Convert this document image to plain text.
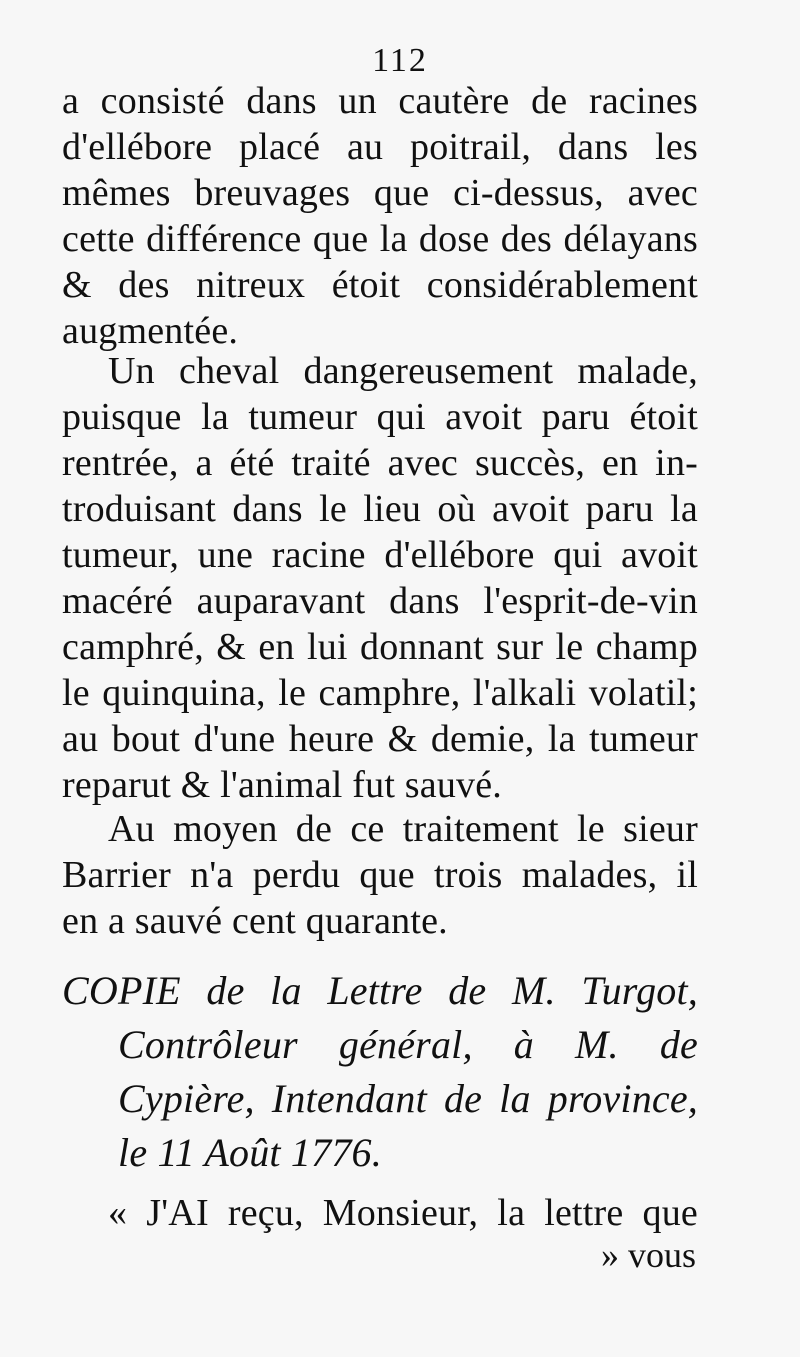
112
a consisté dans un cautère de racines
d'ellébore placé au poitrail, dans les
mêmes breuvages que ci-dessus, avec
cette différence que la dose des délayans
& des nitreux étoit considérablement
augmentée.
Un cheval dangereusement malade,
puisque la tumeur qui avoit paru étoit
rentrée, a été traité avec succès, en in-
troduisant dans le lieu où avoit paru la
tumeur, une racine d'ellébore qui avoit
macéré auparavant dans l'esprit-de-vin
camphré, & en lui donnant sur le champ
le quinquina, le camphre, l'alkali volatil;
au bout d'une heure & demie, la tumeur
reparut & l'animal fut sauvé.
Au moyen de ce traitement le sieur
Barrier n'a perdu que trois malades, il
en a sauvé cent quarante.
COPIE de la Lettre de M. Turgot,
Contrôleur général, à M. de
Cypière, Intendant de la province,
le 11 Août 1776.
« J'AI reçu, Monsieur, la lettre que
» vous
